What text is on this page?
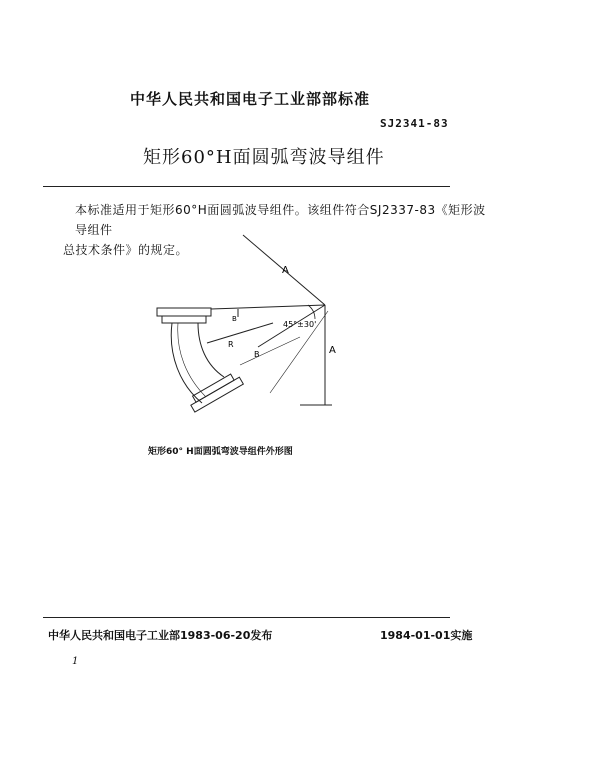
中华人民共和国电子工业部部标准
SJ2341-83
矩形60°H面圆弧弯波导组件
本标准适用于矩形60°H面圆弧波导组件。该组件符合SJ2337-83《矩形波导组件
总技术条件》的规定。
A
A
B
B
R
45°±30'
矩形60° H面圆弧弯波导组件外形图
中华人民共和国电子工业部1983-06-20发布	1984-01-01实施
1
